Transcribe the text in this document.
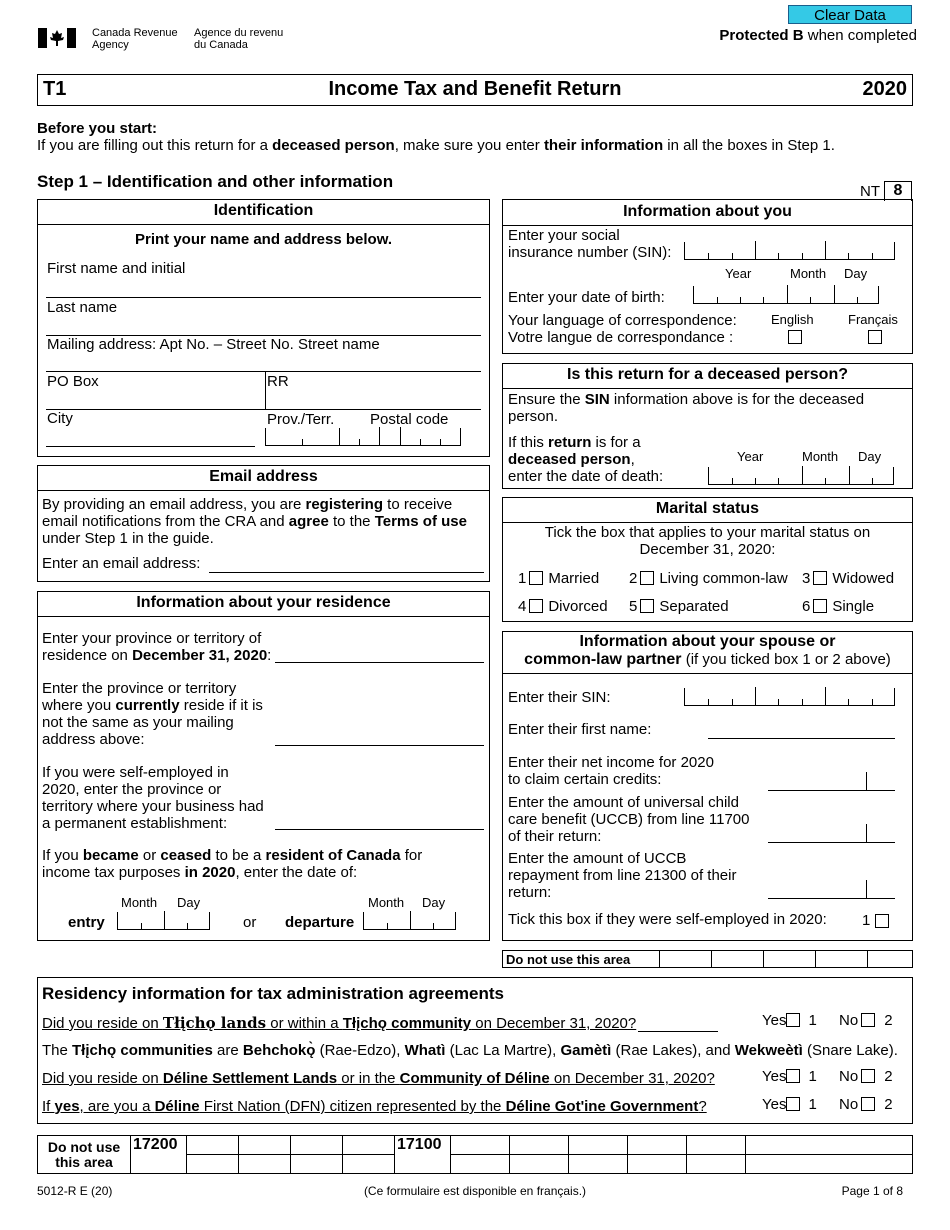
Canada Revenue
Agency
Agence du revenu
du Canada
Clear Data
Protected B when completed
T1	Income Tax and Benefit Return	2020
Before you start:
If you are filling out this return for a deceased person, make sure you enter their information in all the boxes in Step 1.
Step 1 – Identification and other information
NT 8
Identification
Print your name and address below.
First name and initial
Last name
Mailing address: Apt No. – Street No. Street name
PO Box	RR
City	Prov./Terr. Postal code
Email address
By providing an email address, you are registering to receive email notifications from the CRA and agree to the Terms of use under Step 1 in the guide.
Enter an email address:
Information about your residence
Enter your province or territory of
residence on December 31, 2020:
Enter the province or territory
where you currently reside if it is
not the same as your mailing
address above:
If you were self-employed in
2020, enter the province or
territory where your business had
a permanent establishment:
If you became or ceased to be a resident of Canada for
income tax purposes in 2020, enter the date of:
Month Day
entry	or
Month Day
departure
Information about you
Enter your social
insurance number (SIN):
Year	Month Day
Enter your date of birth:
Your language of correspondence:
Votre langue de correspondance :
English	Français
Is this return for a deceased person?
Ensure the SIN information above is for the deceased
person.
If this return is for a
deceased person,
enter the date of death:
Year	Month Day
Marital status
Tick the box that applies to your marital status on
December 31, 2020:
1 Married 2 Living common-law 3 Widowed
4 Divorced 5 Separated	6 Single
Information about your spouse or
common-law partner (if you ticked box 1 or 2 above)
Enter their SIN:
Enter their first name:
Enter their net income for 2020
to claim certain credits:
Enter the amount of universal child
care benefit (UCCB) from line 11700
of their return:
Enter the amount of UCCB
repayment from line 21300 of their
return:
Tick this box if they were self-employed in 2020: 1
Do not use this area					
Residency information for tax administration agreements
Did you reside on Tłįchǫ lands or within a Tłįchǫ community on December 31, 2020?	Yes 1 No 2
The Tłįchǫ communities are Behchokǫ̀ (Rae-Edzo), Whatì (Lac La Martre), Gamètì (Rae Lakes), and Wekweètì (Snare Lake).
Did you reside on Déline Settlement Lands or in the Community of Déline on December 31, 2020?	Yes 1 No 2
If yes, are you a Déline First Nation (DFN) citizen represented by the Déline Got'ine Government?	Yes 1 No 2
Do not use
this area	17200					17100						

5012-R E (20)	(Ce formulaire est disponible en français.)	Page 1 of 8
